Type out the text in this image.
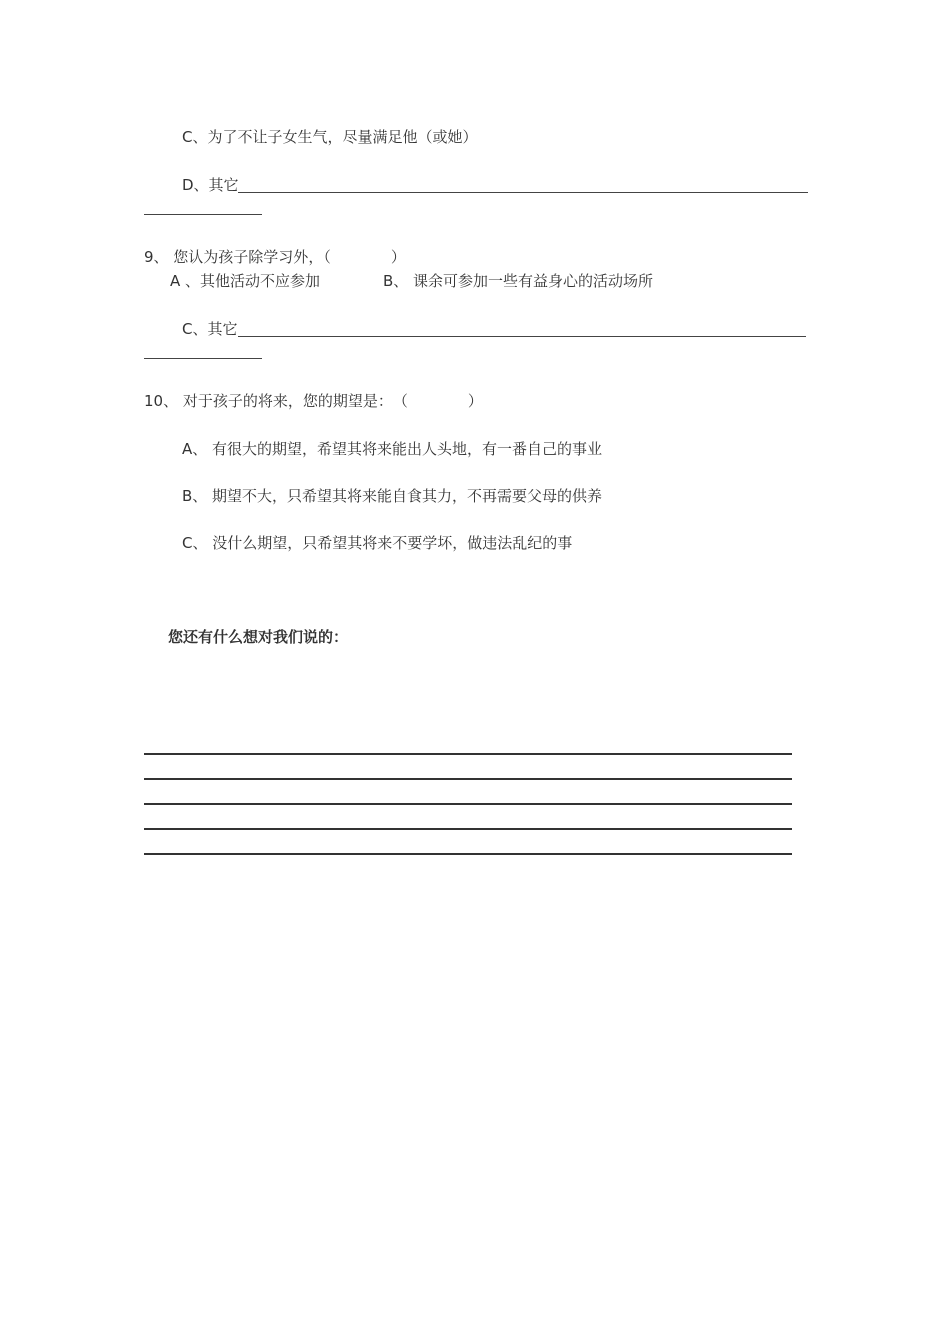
C、为了不让子女生气，尽量满足他（或她）
D、其它
9、 您认为孩子除学习外，（　　　　）
A 、其他活动不应参加	B、 课余可参加一些有益身心的活动场所
C、其它
10、 对于孩子的将来，您的期望是：　（　　　　）
A、 有很大的期望，希望其将来能出人头地，有一番自己的事业
B、 期望不大，只希望其将来能自食其力，不再需要父母的供养
C、 没什么期望，只希望其将来不要学坏，做违法乱纪的事
您还有什么想对我们说的：
